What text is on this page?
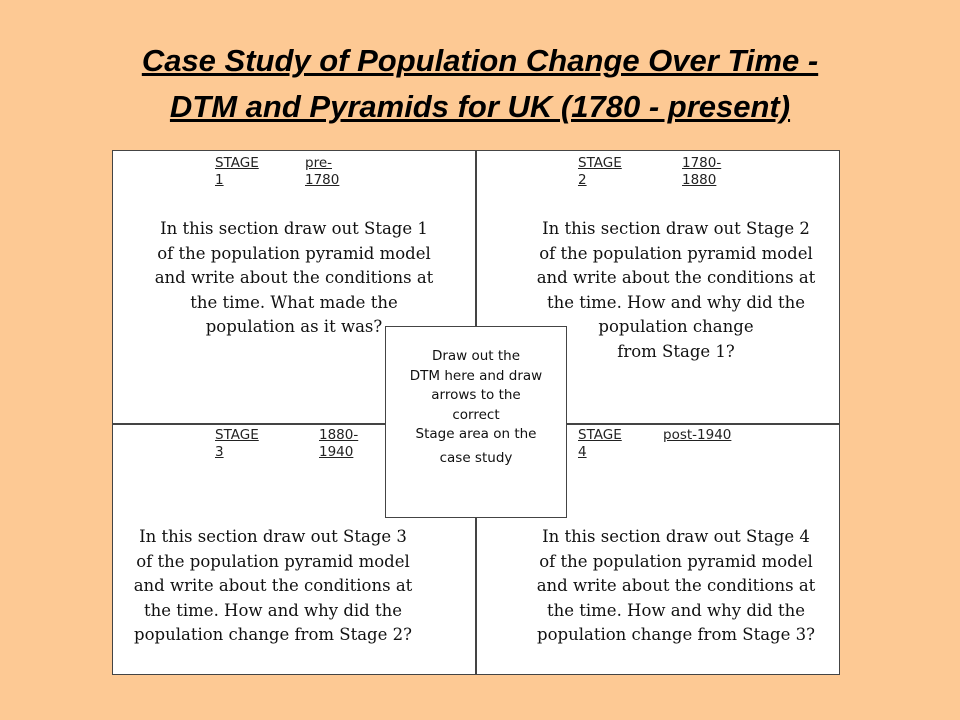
Case Study of Population Change Over Time -
DTM and Pyramids for UK (1780 - present)
STAGE 1
pre-1780
In this section draw out Stage 1
of the population pyramid model
and write about the conditions at
the time. What made the
population as it was?
STAGE 2
1780-
1880
In this section draw out Stage 2
of the population pyramid model
and write about the conditions at
the time. How and why did the
population change
from Stage 1?
STAGE 3
1880-
1940
In this section draw out Stage 3
of the population pyramid model
and write about the conditions at
the time. How and why did the
population change from Stage 2?
STAGE 4
post-1940
In this section draw out Stage 4
of the population pyramid model
and write about the conditions at
the time. How and why did the
population change from Stage 3?
Draw out the
DTM here and draw
arrows to the
correct
Stage area on the
case study
